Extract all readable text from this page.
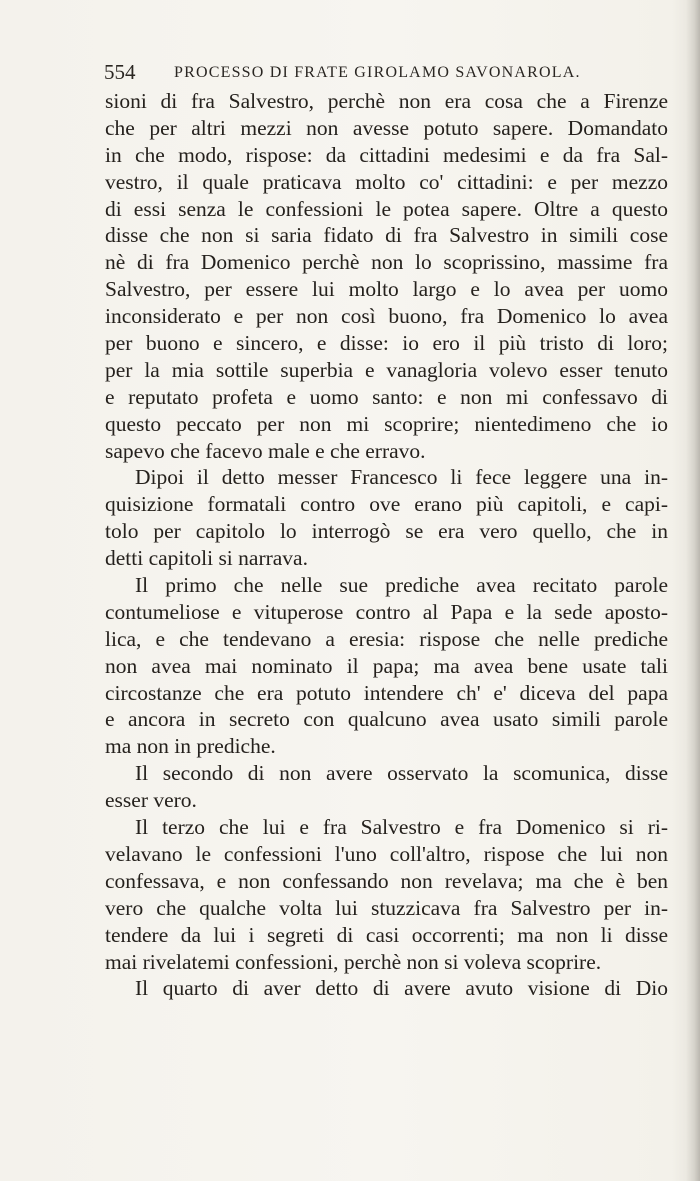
554 PROCESSO DI FRATE GIROLAMO SAVONAROLA.
sioni di fra Salvestro, perchè non era cosa che a Firenze
che per altri mezzi non avesse potuto sapere. Domandato
in che modo, rispose: da cittadini medesimi e da fra Sal-
vestro, il quale praticava molto co' cittadini: e per mezzo
di essi senza le confessioni le potea sapere. Oltre a questo
disse che non si saria fidato di fra Salvestro in simili cose
nè di fra Domenico perchè non lo scoprissino, massime fra
Salvestro, per essere lui molto largo e lo avea per uomo
inconsiderato e per non così buono, fra Domenico lo avea
per buono e sincero, e disse: io ero il più tristo di loro;
per la mia sottile superbia e vanagloria volevo esser tenuto
e reputato profeta e uomo santo: e non mi confessavo di
questo peccato per non mi scoprire; nientedimeno che io
sapevo che facevo male e che erravo.
Dipoi il detto messer Francesco li fece leggere una in-
quisizione formatali contro ove erano più capitoli, e capi-
tolo per capitolo lo interrogò se era vero quello, che in
detti capitoli si narrava.
Il primo che nelle sue prediche avea recitato parole
contumeliose e vituperose contro al Papa e la sede aposto-
lica, e che tendevano a eresia: rispose che nelle prediche
non avea mai nominato il papa; ma avea bene usate tali
circostanze che era potuto intendere ch' e' diceva del papa
e ancora in secreto con qualcuno avea usato simili parole
ma non in prediche.
Il secondo di non avere osservato la scomunica, disse
esser vero.
Il terzo che lui e fra Salvestro e fra Domenico si ri-
velavano le confessioni l'uno coll'altro, rispose che lui non
confessava, e non confessando non revelava; ma che è ben
vero che qualche volta lui stuzzicava fra Salvestro per in-
tendere da lui i segreti di casi occorrenti; ma non li disse
mai rivelatemi confessioni, perchè non si voleva scoprire.
Il quarto di aver detto di avere avuto visione di Dio
